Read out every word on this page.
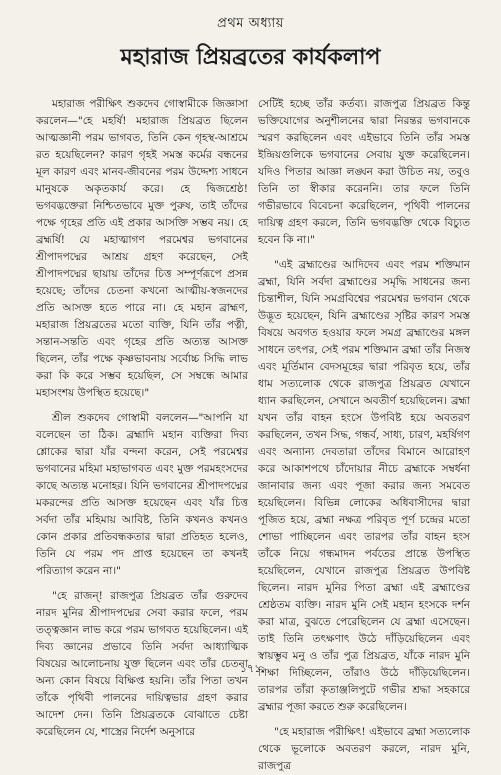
প্রথম অধ্যায়
মহারাজ প্রিয়ব্রতের কার্যকলাপ

মহারাজ পরীক্ষিৎ শুকদেব গোস্বামীকে জিজ্ঞাসা করলেন—"হে মহর্ষি! মহারাজ প্রিয়ব্রত ছিলেন আত্মজ্ঞানী পরম ভাগবত, তিনি কেন গৃহস্থ-আশ্রমে রত হয়েছিলেন? কারণ গৃহই সমস্ত কর্মের বন্ধনের মূল কারণ এবং মানব-জীবনের পরম উদ্দেশ্য সাধনে মানুষকে অকৃতকার্য করে। হে দ্বিজশ্রেষ্ঠ! ভগবদ্ভক্তেরা নিশ্চিতভাবে মুক্ত পুরুষ, তাই তাঁদের পক্ষে গৃহের প্রতি এই প্রকার আসক্তি সম্ভব নয়। হে ব্রহ্মর্ষি! যে মহাত্মাগণ পরমেশ্বর ভগবানের শ্রীপাদপদ্মের আশ্রয় গ্রহণ করেছেন, সেই শ্রীপাদপদ্মের ছায়ায় তাঁদের চিত্ত সম্পূর্ণরূপে প্রসন্ন হয়েছে; তাঁদের চেতনা কখনো আত্মীয়-স্বজনদের প্রতি আসক্ত হতে পারে না। হে মহান ব্রাহ্মণ, মহারাজ প্রিয়ব্রতের মতো ব্যক্তি, যিনি তাঁর পত্নী, সন্তান-সন্ততি এবং গৃহের প্রতি অত্যন্ত আসক্ত ছিলেন, তাঁর পক্ষে কৃষ্ণভাবনায় সর্বোচ্চ সিদ্ধি লাভ করা কি করে সম্ভব হয়েছিল, সে সম্বন্ধে আমার মহাসংশয় উপস্থিত হয়েছে।"

শ্রীল শুকদেব গোস্বামী বললেন—"আপনি যা বলেছেন তা ঠিক। ব্রহ্মাদি মহান ব্যক্তিরা দিব্য শ্লোকের দ্বারা যাঁর বন্দনা করেন, সেই পরমেশ্বর ভগবানের মহিমা মহাভাগবত এবং মুক্ত পরমহংসদের কাছে অত্যন্ত মনোহর। যিনি ভগবানের শ্রীপাদপদ্মের মকরন্দের প্রতি আসক্ত হয়েছেন এবং যাঁর চিত্ত সর্বদা তাঁর মহিমায় আবিষ্ট, তিনি কখনও কখনও কোন প্রকার প্রতিবন্ধকতার দ্বারা প্রতিহত হলেও, তিনি যে পরম পদ প্রাপ্ত হয়েছেন তা কখনই পরিত্যাগ করেন না।"

"হে রাজন্! রাজপুত্র প্রিয়ব্রত তাঁর গুরুদেব নারদ মুনির শ্রীপাদপদ্মের সেবা করার ফলে, পরম তত্ত্বজ্ঞান লাভ করে পরম ভাগবত হয়েছিলেন। এই দিব্য জ্ঞানের প্রভাবে তিনি সর্বদা আধ্যাত্মিক বিষয়ের আলোচনায় যুক্ত ছিলেন এবং তাঁর চেতনা অন্য কোন বিষয়ে বিক্ষিপ্ত হয়নি। তাঁর পিতা তখন তাঁকে পৃথিবী পালনের দায়িত্বভার গ্রহণ করার আদেশ দেন। তিনি প্রিয়ব্রতকে বোঝাতে চেষ্টা করেছিলেন যে, শাস্ত্রের নির্দেশ অনুসারে

সেটিই হচ্ছে তাঁর কর্তব্য। রাজপুত্র প্রিয়ব্রত কিন্তু ভক্তিযোগের অনুশীলনের দ্বারা নিরন্তর ভগবানকে স্মরণ করছিলেন এবং এইভাবে তিনি তাঁর সমস্ত ইন্দ্রিয়গুলিকে ভগবানের সেবায় যুক্ত করেছিলেন। যদিও পিতার আজ্ঞা লঙ্ঘন করা উচিত নয়, তবুও তিনি তা স্বীকার করেননি। তার ফলে তিনি গভীরভাবে বিবেচনা করেছিলেন, পৃথিবী পালনের দায়িত্ব গ্রহণ করলে, তিনি ভগবদ্ভক্তি থেকে বিচ্যুত হবেন কি না।"

"এই ব্রহ্মাণ্ডের আদিদেব এবং পরম শক্তিমান ব্রহ্মা, যিনি সর্বদা ব্রহ্মাণ্ডের সমৃদ্ধি সাধনের জন্য চিন্তাশীল, যিনি সমগ্রবিশ্বের পরমেশ্বর ভগবান থেকে উদ্ভূত হয়েছেন, যিনি ব্রহ্মাণ্ডের সৃষ্টির কারণ সমস্ত বিষয়ে অবগত হওয়ার ফলে সমগ্র ব্রহ্মাণ্ডের মঙ্গল সাধনে তৎপর, সেই পরম শক্তিমান ব্রহ্মা তাঁর নিজস্ব এবং মূর্তিমান বেদসমূহের দ্বারা পরিবৃত হয়ে, তাঁর ধাম সত্যলোক থেকে রাজপুত্র প্রিয়ব্রত যেখানে ধ্যান করছিলেন, সেখানে অবতীর্ণ হয়েছিলেন। ব্রহ্মা যখন তাঁর বাহন হংসে উপবিষ্ট হয়ে অবতরণ করছিলেন, তখন সিদ্ধ, গন্ধর্ব, সাধ্য, চারণ, মহর্ষিগণ এবং অন্যান্য দেবতারা তাঁদের বিমানে আরোহণ করে আকাশপথে চাঁদোয়ার নীচে ব্রহ্মাকে সম্বর্ধনা জানাবার জন্য এবং পূজা করার জন্য সমবেত হয়েছিলেন। বিভিন্ন লোকের অধিবাসীদের দ্বারা পূজিত হয়ে, ব্রহ্মা নক্ষত্র পরিবৃত পূর্ণ চন্দ্রের মতো শোভা পাচ্ছিলেন এবং তারপর তাঁর বাহন হংস তাঁকে নিয়ে গন্ধমাদন পর্বতের প্রান্তে উপস্থিত হয়েছিলেন, যেখানে রাজপুত্র প্রিয়ব্রত উপবিষ্ট ছিলেন। নারদ মুনির পিতা ব্রহ্মা এই ব্রহ্মাণ্ডের শ্রেষ্ঠতম ব্যক্তি। নারদ মুনি সেই মহান হংসকে দর্শন করা মাত্র, বুঝতে পেরেছিলেন যে ব্রহ্মা এসেছেন। তাই তিনি তৎক্ষণাৎ উঠে দাঁড়িয়েছিলেন এবং স্বায়ম্ভুব মনু ও তাঁর পুত্র প্রিয়ব্রত, যাঁকে নারদ মুনি শিক্ষা দিচ্ছিলেন, তাঁরাও উঠে দাঁড়িয়েছিলেন। তারপর তাঁরা কৃতাঞ্জলিপুটে গভীর শ্রদ্ধা সহকারে ব্রহ্মার পূজা করতে শুরু করেছিলেন।

"হে মহারাজ পরীক্ষিৎ! এইভাবে ব্রহ্মা সত্যলোক থেকে ভূলোকে অবতরণ করলে, নারদ মুনি, রাজপুত্র

১৭১
